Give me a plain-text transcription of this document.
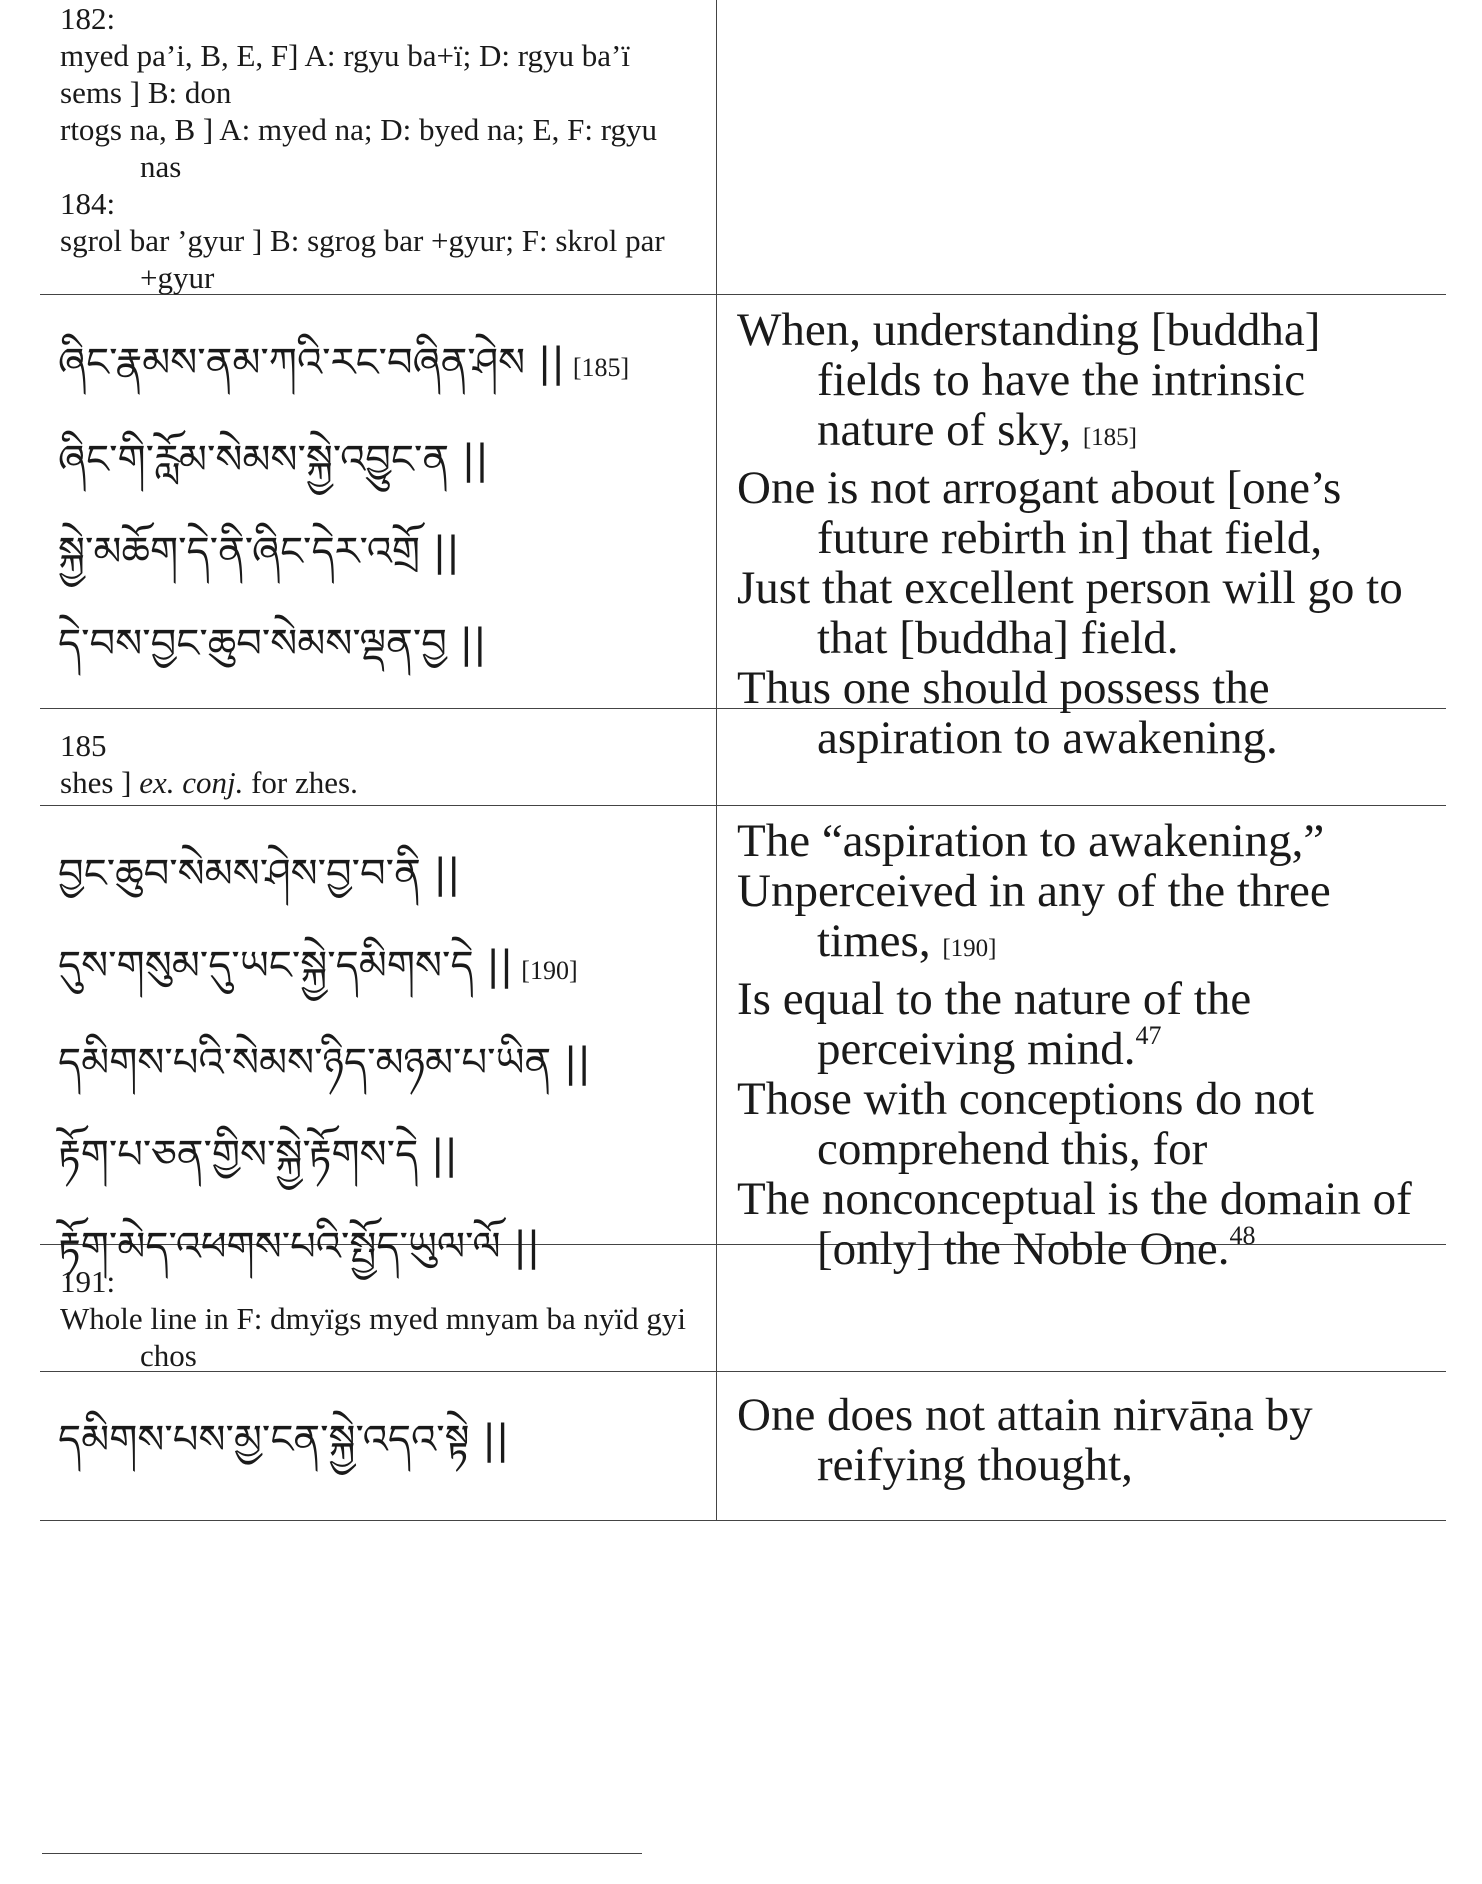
182:

myed pa’i, B, E, F] A: rgyu ba+ï; D: rgyu ba’ï

sems ] B: don

rtogs na, B ] A: myed na; D: byed na; E, F: rgyu nas

184:

sgrol bar ’gyur ] B: sgrog bar +gyur; F: skrol par +gyur

ཞིང་རྣམས་ནམ་ཀའི་རང་བཞིན་ཤེས || [185]
ཞིང་གི་རློམ་སེམས་སྐྱེ་འབྱུང་ན ||
སྐྱེ་མཆོག་དེ་ནི་ཞིང་དེར་འགྲོ ||
དེ་བས་བྱང་ཆུབ་སེམས་ལྡན་བྱ ||

When, understanding [buddha] fields to have the intrinsic nature of sky, [185]

One is not arrogant about [one’s future rebirth in] that field,

Just that excellent person will go to that [buddha] field.

Thus one should possess the aspiration to awakening.

185

shes ] ex. conj. for zhes.

བྱང་ཆུབ་སེམས་ཤེས་བྱ་བ་ནི ||
དུས་གསུམ་དུ་ཡང་སྐྱེ་དམིགས་དེ || [190]
དམིགས་པའི་སེམས་ཉིད་མཉམ་པ་ཡིན ||
རྟོག་པ་ཅན་གྱིས་སྐྱེ་རྟོགས་དེ ||
རྟོག་མེད་འཕགས་པའི་སྤྱོད་ཡུལ་ལོ ||

The “aspiration to awakening,”

Unperceived in any of the three times, [190]

Is equal to the nature of the perceiving mind.$^{47}$

Those with conceptions do not comprehend this, for

The nonconceptual is the domain of [only] the Noble One.$^{48}$

191:

Whole line in F: dmyïgs myed mnyam ba nyïd gyi chos

དམིགས་པས་མྱ་ངན་སྐྱེ་འདའ་སྟེ ||	One does not attain nirvāṇa by reifying thought,
